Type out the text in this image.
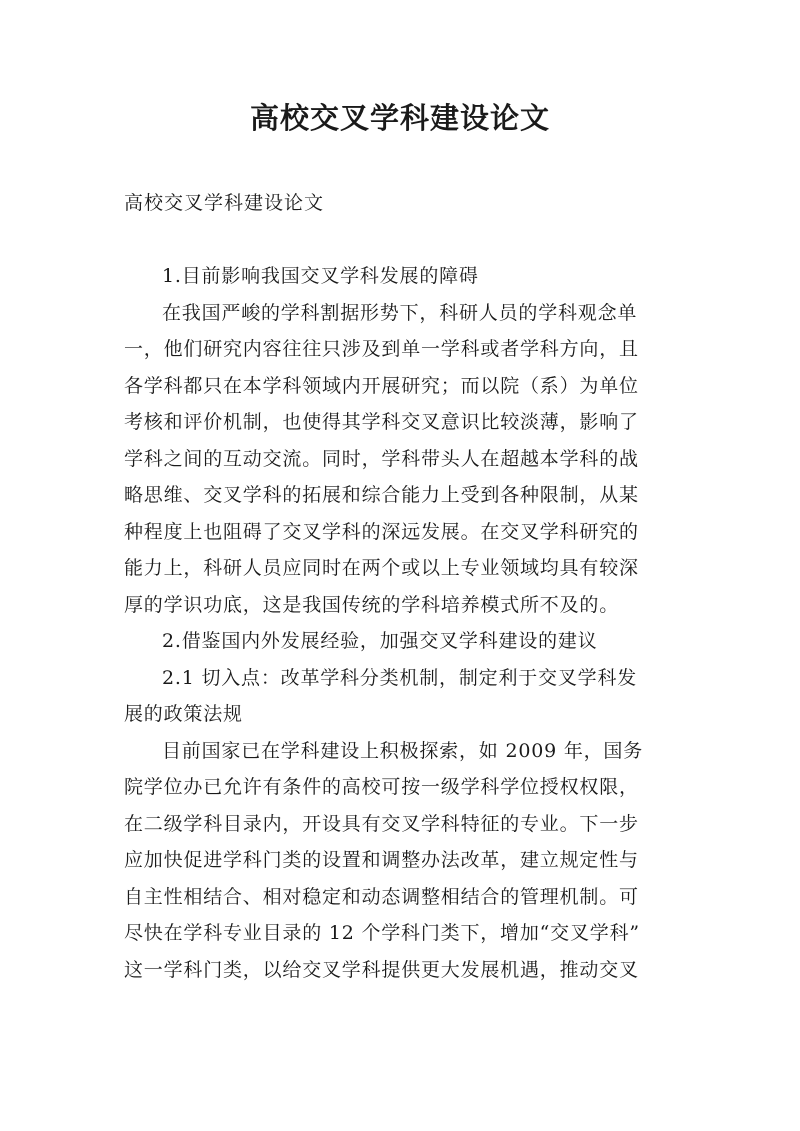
高校交叉学科建设论文

高校交叉学科建设论文

1.目前影响我国交叉学科发展的障碍
在我国严峻的学科割据形势下，科研人员的学科观念单
一，他们研究内容往往只涉及到单一学科或者学科方向，且
各学科都只在本学科领域内开展研究；而以院（系）为单位
考核和评价机制，也使得其学科交叉意识比较淡薄，影响了
学科之间的互动交流。同时，学科带头人在超越本学科的战
略思维、交叉学科的拓展和综合能力上受到各种限制，从某
种程度上也阻碍了交叉学科的深远发展。在交叉学科研究的
能力上，科研人员应同时在两个或以上专业领域均具有较深
厚的学识功底，这是我国传统的学科培养模式所不及的。
2.借鉴国内外发展经验，加强交叉学科建设的建议
2.1 切入点：改革学科分类机制，制定利于交叉学科发
展的政策法规
目前国家已在学科建设上积极探索，如 2009 年，国务
院学位办已允许有条件的高校可按一级学科学位授权权限，
在二级学科目录内，开设具有交叉学科特征的专业。下一步
应加快促进学科门类的设置和调整办法改革，建立规定性与
自主性相结合、相对稳定和动态调整相结合的管理机制。可
尽快在学科专业目录的 12 个学科门类下，增加“交叉学科”
这一学科门类，以给交叉学科提供更大发展机遇，推动交叉
